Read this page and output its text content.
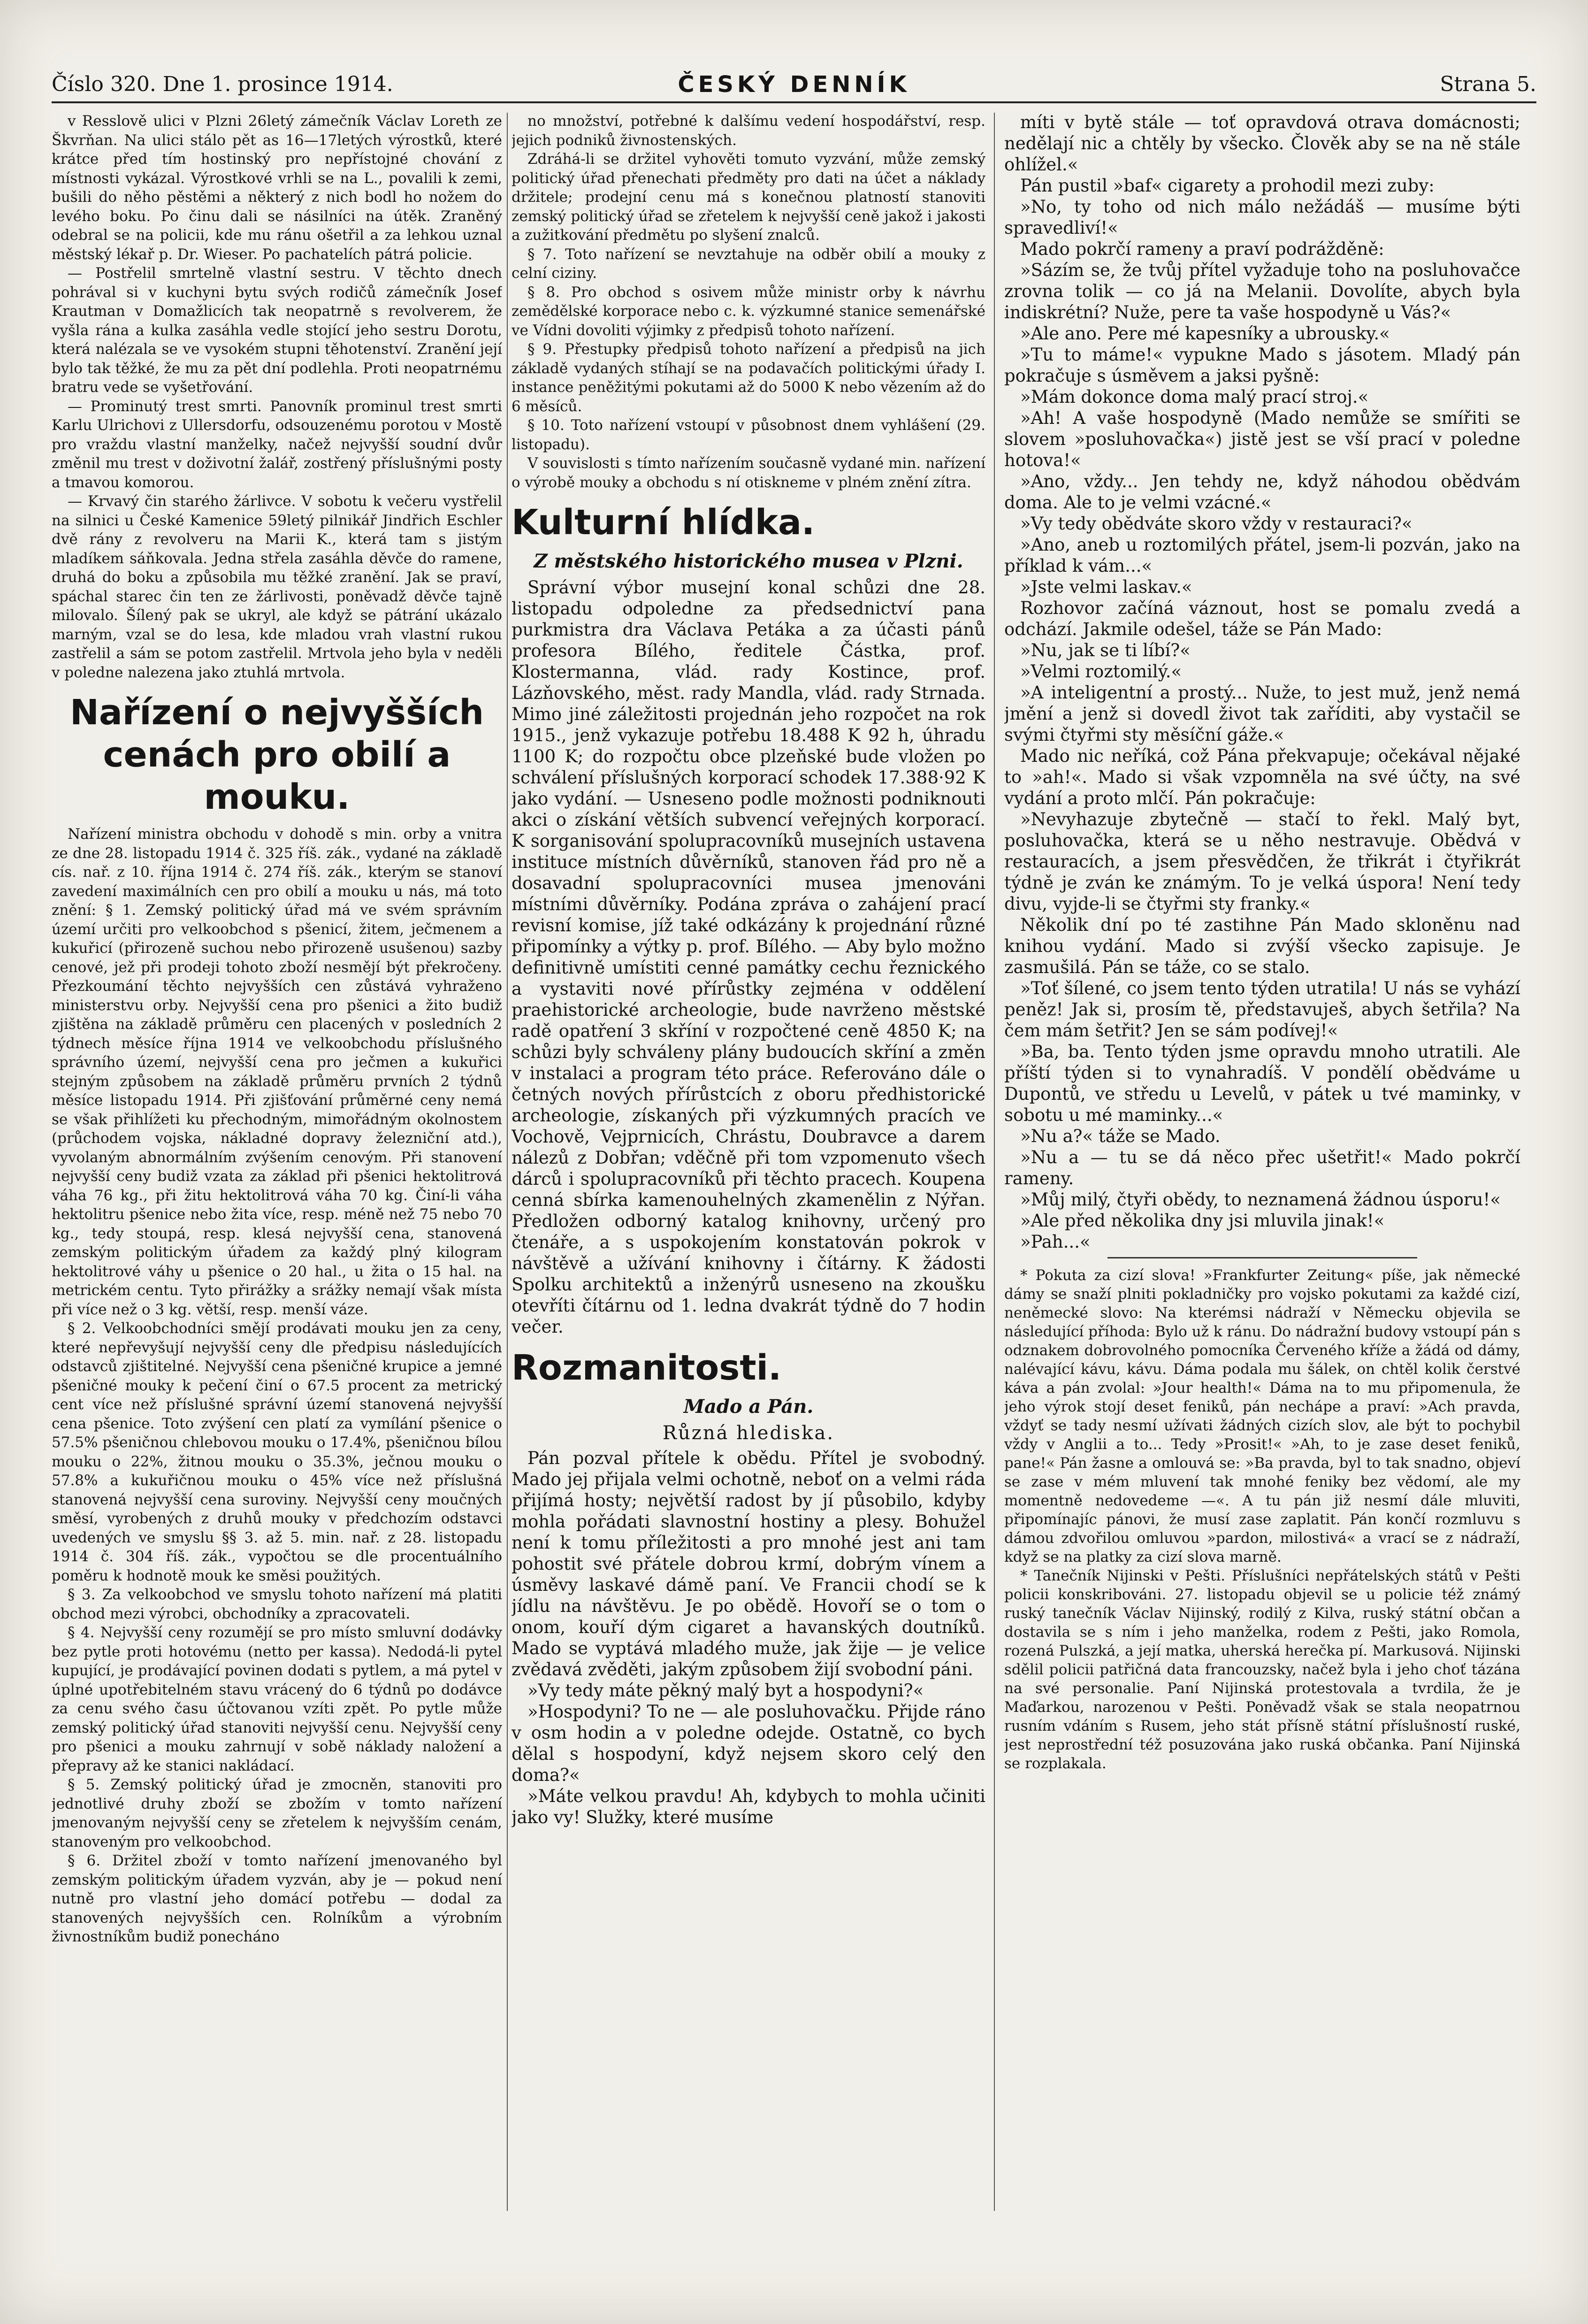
Číslo 320. Dne 1. prosince 1914.	ČESKÝ DENNÍK	Strana 5.

v Resslově ulici v Plzni 26letý zámečník Václav Loreth ze Škvrňan. Na ulici stálo pět as 16—17letých výrostků, které krátce před tím hostinský pro nepřístojné chování z místnosti vykázal. Výrostkové vrhli se na L., povalili k zemi, bušili do něho pěstěmi a některý z nich bodl ho nožem do levého boku. Po činu dali se násilníci na útěk. Zraněný odebral se na policii, kde mu ránu ošetřil a za lehkou uznal městský lékař p. Dr. Wieser. Po pachatelích pátrá policie.

— Postřelil smrtelně vlastní sestru. V těchto dnech pohrával si v kuchyni bytu svých rodičů zámečník Josef Krautman v Domažlicích tak neopatrně s revolverem, že vyšla rána a kulka zasáhla vedle stojící jeho sestru Dorotu, která nalézala se ve vysokém stupni těhotenství. Zranění její bylo tak těžké, že mu za pět dní podlehla. Proti neopatrnému bratru vede se vyšetřování.

— Prominutý trest smrti. Panovník prominul trest smrti Karlu Ulrichovi z Ullersdorfu, odsouzenému porotou v Mostě pro vraždu vlastní manželky, načež nejvyšší soudní dvůr změnil mu trest v doživotní žalář, zostřený příslušnými posty a tmavou komorou.

— Krvavý čin starého žárlivce. V sobotu k večeru vystřelil na silnici u České Kamenice 59letý pilnikář Jindřich Eschler dvě rány z revolveru na Marii K., která tam s jistým mladíkem sáňkovala. Jedna střela zasáhla děvče do ramene, druhá do boku a způsobila mu těžké zranění. Jak se praví, spáchal starec čin ten ze žárlivosti, poněvadž děvče tajně milovalo. Šílený pak se ukryl, ale když se pátrání ukázalo marným, vzal se do lesa, kde mladou vrah vlastní rukou zastřelil a sám se potom zastřelil. Mrtvola jeho byla v neděli v poledne nalezena jako ztuhlá mrtvola.

Nařízení o nejvyšších cenách pro obilí a mouku.

Nařízení ministra obchodu v dohodě s min. orby a vnitra ze dne 28. listopadu 1914 č. 325 říš. zák., vydané na základě cís. nař. z 10. října 1914 č. 274 říš. zák., kterým se stanoví zavedení maximálních cen pro obilí a mouku u nás, má toto znění: § 1. Zemský politický úřad má ve svém správním území určiti pro velkoobchod s pšenicí, žitem, ječmenem a kukuřicí (přirozeně suchou nebo přirozeně usušenou) sazby cenové, jež při prodeji tohoto zboží nesmějí být překročeny. Přezkoumání těchto nejvyšších cen zůstává vyhraženo ministerstvu orby. Nejvyšší cena pro pšenici a žito budiž zjištěna na základě průměru cen placených v posledních 2 týdnech měsíce října 1914 ve velkoobchodu příslušného správního území, nejvyšší cena pro ječmen a kukuřici stejným způsobem na základě průměru prvních 2 týdnů měsíce listopadu 1914. Při zjišťování průměrné ceny nemá se však přihlížeti ku přechodným, mimořádným okolnostem (průchodem vojska, nákladné dopravy železniční atd.), vyvolaným abnormálním zvýšením cenovým. Při stanovení nejvyšší ceny budiž vzata za základ při pšenici hektolitrová váha 76 kg., při žitu hektolitrová váha 70 kg. Činí-li váha hektolitru pšenice nebo žita více, resp. méně než 75 nebo 70 kg., tedy stoupá, resp. klesá nejvyšší cena, stanovená zemským politickým úřadem za každý plný kilogram hektolitrové váhy u pšenice o 20 hal., u žita o 15 hal. na metrickém centu. Tyto přirážky a srážky nemají však místa při více než o 3 kg. větší, resp. menší váze.

§ 2. Velkoobchodníci smějí prodávati mouku jen za ceny, které nepřevyšují nejvyšší ceny dle předpisu následujících odstavců zjištitelné. Nejvyšší cena pšeničné krupice a jemné pšeničné mouky k pečení činí o 67.5 procent za metrický cent více než příslušné správní území stanovená nejvyšší cena pšenice. Toto zvýšení cen platí za vymílání pšenice o 57.5% pšeničnou chlebovou mouku o 17.4%, pšeničnou bílou mouku o 22%, žitnou mouku o 35.3%, ječnou mouku o 57.8% a kukuřičnou mouku o 45% více než příslušná stanovená nejvyšší cena suroviny. Nejvyšší ceny moučných směsí, vyrobených z druhů mouky v předchozím odstavci uvedených ve smyslu §§ 3. až 5. min. nař. z 28. listopadu 1914 č. 304 říš. zák., vypočtou se dle procentuálního poměru k hodnotě mouk ke směsi použitých.

§ 3. Za velkoobchod ve smyslu tohoto nařízení má platiti obchod mezi výrobci, obchodníky a zpracovateli.

§ 4. Nejvyšší ceny rozumějí se pro místo smluvní dodávky bez pytle proti hotovému (netto per kassa). Nedodá-li pytel kupující, je prodávající povinen dodati s pytlem, a má pytel v úplné upotřebitelném stavu vrácený do 6 týdnů po dodávce za cenu svého času účtovanou vzíti zpět. Po pytle může zemský politický úřad stanoviti nejvyšší cenu. Nejvyšší ceny pro pšenici a mouku zahrnují v sobě náklady naložení a přepravy až ke stanici nakládací.

§ 5. Zemský politický úřad je zmocněn, stanoviti pro jednotlivé druhy zboží se zbožím v tomto nařízení jmenovaným nejvyšší ceny se zřetelem k nejvyšším cenám, stanoveným pro velkoobchod.

§ 6. Držitel zboží v tomto nařízení jmenovaného byl zemským politickým úřadem vyzván, aby je — pokud není nutně pro vlastní jeho domácí potřebu — dodal za stanovených nejvyšších cen. Rolníkům a výrobním živnostníkům budiž ponecháno

no množství, potřebné k dalšímu vedení hospodářství, resp. jejich podniků živnostenských.

Zdráhá-li se držitel vyhověti tomuto vyzvání, může zemský politický úřad přenechati předměty pro dati na účet a náklady držitele; prodejní cenu má s konečnou platností stanoviti zemský politický úřad se zřetelem k nejvyšší ceně jakož i jakosti a zužitkování předmětu po slyšení znalců.

§ 7. Toto nařízení se nevztahuje na odběr obilí a mouky z celní ciziny.

§ 8. Pro obchod s osivem může ministr orby k návrhu zemědělské korporace nebo c. k. výzkumné stanice semenářské ve Vídni dovoliti výjimky z předpisů tohoto nařízení.

§ 9. Přestupky předpisů tohoto nařízení a předpisů na jich základě vydaných stíhají se na podavačích politickými úřady I. instance peněžitými pokutami až do 5000 K nebo vězením až do 6 měsíců.

§ 10. Toto nařízení vstoupí v působnost dnem vyhlášení (29. listopadu).

V souvislosti s tímto nařízením současně vydané min. nařízení o výrobě mouky a obchodu s ní otiskneme v plném znění zítra.

Kulturní hlídka.
Z městského historického musea v Plzni.

Správní výbor musejní konal schůzi dne 28. listopadu odpoledne za předsednictví pana purkmistra dra Václava Petáka a za účasti pánů profesora Bílého, ředitele Částka, prof. Klostermanna, vlád. rady Kostince, prof. Lázňovského, měst. rady Mandla, vlád. rady Strnada. Mimo jiné záležitosti projednán jeho rozpočet na rok 1915., jenž vykazuje potřebu 18.488 K 92 h, úhradu 1100 K; do rozpočtu obce plzeňské bude vložen po schválení příslušných korporací schodek 17.388·92 K jako vydání. — Usneseno podle možnosti podniknouti akci o získání větších subvencí veřejných korporací. K sorganisování spolupracovníků musejních ustavena instituce místních důvěrníků, stanoven řád pro ně a dosavadní spolupracovníci musea jmenováni místními důvěrníky. Podána zpráva o zahájení prací revisní komise, jíž také odkázány k projednání různé připomínky a výtky p. prof. Bílého. — Aby bylo možno definitivně umístiti cenné památky cechu řeznického a vystaviti nové přírůstky zejména v oddělení praehistorické archeologie, bude navrženo městské radě opatření 3 skříní v rozpočtené ceně 4850 K; na schůzi byly schváleny plány budoucích skříní a změn v instalaci a program této práce. Referováno dále o četných nových přírůstcích z oboru předhistorické archeologie, získaných při výzkumných pracích ve Vochově, Vejprnicích, Chrástu, Doubravce a darem nálezů z Dobřan; vděčně při tom vzpomenuto všech dárců i spolupracovníků při těchto pracech. Koupena cenná sbírka kamenouhelných zkamenělin z Nýřan. Předložen odborný katalog knihovny, určený pro čtenáře, a s uspokojením konstatován pokrok v návštěvě a užívání knihovny i čítárny. K žádosti Spolku architektů a inženýrů usneseno na zkoušku otevříti čítárnu od 1. ledna dvakrát týdně do 7 hodin večer.

Rozmanitosti.
Mado a Pán.
Různá hlediska.

Pán pozval přítele k obědu. Přítel je svobodný. Mado jej přijala velmi ochotně, neboť on a velmi ráda přijímá hosty; největší radost by jí působilo, kdyby mohla pořádati slavnostní hostiny a plesy. Bohužel není k tomu příležitosti a pro mnohé jest ani tam pohostit své přátele dobrou krmí, dobrým vínem a úsměvy laskavé dámě paní. Ve Francii chodí se k jídlu na návštěvu. Je po obědě. Hovoří se o tom o onom, kouří dým cigaret a havanských doutníků. Mado se vyptává mladého muže, jak žije — je velice zvědavá zvěděti, jakým způsobem žijí svobodní páni.

»Vy tedy máte pěkný malý byt a hospodyni?«

»Hospodyni? To ne — ale posluhovačku. Přijde ráno v osm hodin a v poledne odejde. Ostatně, co bych dělal s hospodyní, když nejsem skoro celý den doma?«

»Máte velkou pravdu! Ah, kdybych to mohla učiniti jako vy! Služky, které musíme

míti v bytě stále — toť opravdová otrava domácnosti; nedělají nic a chtěly by všecko. Člověk aby se na ně stále ohlížel.«

Pán pustil »baf« cigarety a prohodil mezi zuby:

»No, ty toho od nich málo nežádáš — musíme býti spravedliví!«

Mado pokrčí rameny a praví podrážděně:

»Sázím se, že tvůj přítel vyžaduje toho na posluhovačce zrovna tolik — co já na Melanii. Dovolíte, abych byla indiskrétní? Nuže, pere ta vaše hospodyně u Vás?«

»Ale ano. Pere mé kapesníky a ubrousky.«

»Tu to máme!« vypukne Mado s jásotem. Mladý pán pokračuje s úsměvem a jaksi pyšně:

»Mám dokonce doma malý prací stroj.«

»Ah! A vaše hospodyně (Mado nemůže se smířiti se slovem »posluhovačka«) jistě jest se vší prací v poledne hotova!«

»Ano, vždy... Jen tehdy ne, když náhodou obědvám doma. Ale to je velmi vzácné.«

»Vy tedy obědváte skoro vždy v restauraci?«

»Ano, aneb u roztomilých přátel, jsem-li pozván, jako na příklad k vám...«

»Jste velmi laskav.«

Rozhovor začíná váznout, host se pomalu zvedá a odchází. Jakmile odešel, táže se Pán Mado:

»Nu, jak se ti líbí?«

»Velmi roztomilý.«

»A inteligentní a prostý... Nuže, to jest muž, jenž nemá jmění a jenž si dovedl život tak zaříditi, aby vystačil se svými čtyřmi sty měsíční gáže.«

Mado nic neříká, což Pána překvapuje; očekával nějaké to »ah!«. Mado si však vzpomněla na své účty, na své vydání a proto mlčí. Pán pokračuje:

»Nevyhazuje zbytečně — stačí to řekl. Malý byt, posluhovačka, která se u něho nestravuje. Obědvá v restauracích, a jsem přesvědčen, že třikrát i čtyřikrát týdně je zván ke známým. To je velká úspora! Není tedy divu, vyjde-li se čtyřmi sty franky.«

Několik dní po té zastihne Pán Mado skloněnu nad knihou vydání. Mado si zvýší všecko zapisuje. Je zasmušilá. Pán se táže, co se stalo.

»Toť šílené, co jsem tento týden utratila! U nás se vyhází peněz! Jak si, prosím tě, představuješ, abych šetřila? Na čem mám šetřit? Jen se sám podívej!«

»Ba, ba. Tento týden jsme opravdu mnoho utratili. Ale příští týden si to vynahradíš. V pondělí obědváme u Dupontů, ve středu u Levelů, v pátek u tvé maminky, v sobotu u mé maminky...«

»Nu a?« táže se Mado.

»Nu a — tu se dá něco přec ušetřit!« Mado pokrčí rameny.

»Můj milý, čtyři obědy, to neznamená žádnou úsporu!«

»Ale před několika dny jsi mluvila jinak!«

»Pah...«

* Pokuta za cizí slova! »Frankfurter Zeitung« píše, jak německé dámy se snaží plniti pokladničky pro vojsko pokutami za každé cizí, neněmecké slovo: Na kterémsi nádraží v Německu objevila se následující příhoda: Bylo už k ránu. Do nádražní budovy vstoupí pán s odznakem dobrovolného pomocníka Červeného kříže a žádá od dámy, nalévající kávu, kávu. Dáma podala mu šálek, on chtěl kolik čerstvé káva a pán zvolal: »Jour health!« Dáma na to mu připomenula, že jeho výrok stojí deset feniků, pán nechápe a praví: »Ach pravda, vždyť se tady nesmí užívati žádných cizích slov, ale být to pochybil vždy v Anglii a to... Tedy »Prosit!« »Ah, to je zase deset feniků, pane!« Pán žasne a omlouvá se: »Ba pravda, byl to tak snadno, objeví se zase v mém mluvení tak mnohé feniky bez vědomí, ale my momentně nedovedeme —«. A tu pán již nesmí dále mluviti, připomínajíc pánovi, že musí zase zaplatit. Pán končí rozmluvu s dámou zdvořilou omluvou »pardon, milostivá« a vrací se z nádraží, když se na platky za cizí slova marně.

* Tanečník Nijinski v Pešti. Příslušníci nepřátelských států v Pešti policii konskribováni. 27. listopadu objevil se u policie též známý ruský tanečník Václav Nijinský, rodilý z Kilva, ruský státní občan a dostavila se s ním i jeho manželka, rodem z Pešti, jako Romola, rozená Pulszká, a její matka, uherská herečka pí. Markusová. Nijinski sdělil policii patřičná data francouzsky, načež byla i jeho choť tázána na své personalie. Paní Nijinská protestovala a tvrdila, že je Maďarkou, narozenou v Pešti. Poněvadž však se stala neopatrnou rusním vdáním s Rusem, jeho stát přísně státní příslušností ruské, jest neprostřední též posuzována jako ruská občanka. Paní Nijinská se rozplakala.
